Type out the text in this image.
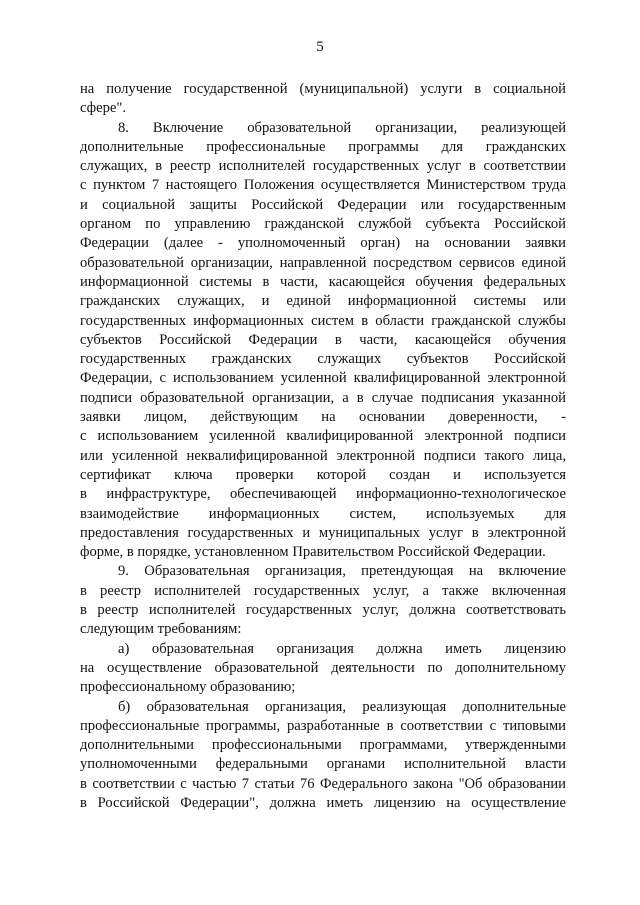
5
на получение государственной (муниципальной) услуги в социальной
сфере".
8. Включение образовательной организации, реализующей
дополнительные профессиональные программы для гражданских
служащих, в реестр исполнителей государственных услуг в соответствии
с пунктом 7 настоящего Положения осуществляется Министерством труда
и социальной защиты Российской Федерации или государственным
органом по управлению гражданской службой субъекта Российской
Федерации (далее - уполномоченный орган) на основании заявки
образовательной организации, направленной посредством сервисов единой
информационной системы в части, касающейся обучения федеральных
гражданских служащих, и единой информационной системы или
государственных информационных систем в области гражданской службы
субъектов Российской Федерации в части, касающейся обучения
государственных гражданских служащих субъектов Российской
Федерации, с использованием усиленной квалифицированной электронной
подписи образовательной организации, а в случае подписания указанной
заявки лицом, действующим на основании доверенности, -
с использованием усиленной квалифицированной электронной подписи
или усиленной неквалифицированной электронной подписи такого лица,
сертификат ключа проверки которой создан и используется
в инфраструктуре, обеспечивающей информационно-технологическое
взаимодействие информационных систем, используемых для
предоставления государственных и муниципальных услуг в электронной
форме, в порядке, установленном Правительством Российской Федерации.
9. Образовательная организация, претендующая на включение
в реестр исполнителей государственных услуг, а также включенная
в реестр исполнителей государственных услуг, должна соответствовать
следующим требованиям:
а) образовательная организация должна иметь лицензию
на осуществление образовательной деятельности по дополнительному
профессиональному образованию;
б) образовательная организация, реализующая дополнительные
профессиональные программы, разработанные в соответствии с типовыми
дополнительными профессиональными программами, утвержденными
уполномоченными федеральными органами исполнительной власти
в соответствии с частью 7 статьи 76 Федерального закона "Об образовании
в Российской Федерации", должна иметь лицензию на осуществление
